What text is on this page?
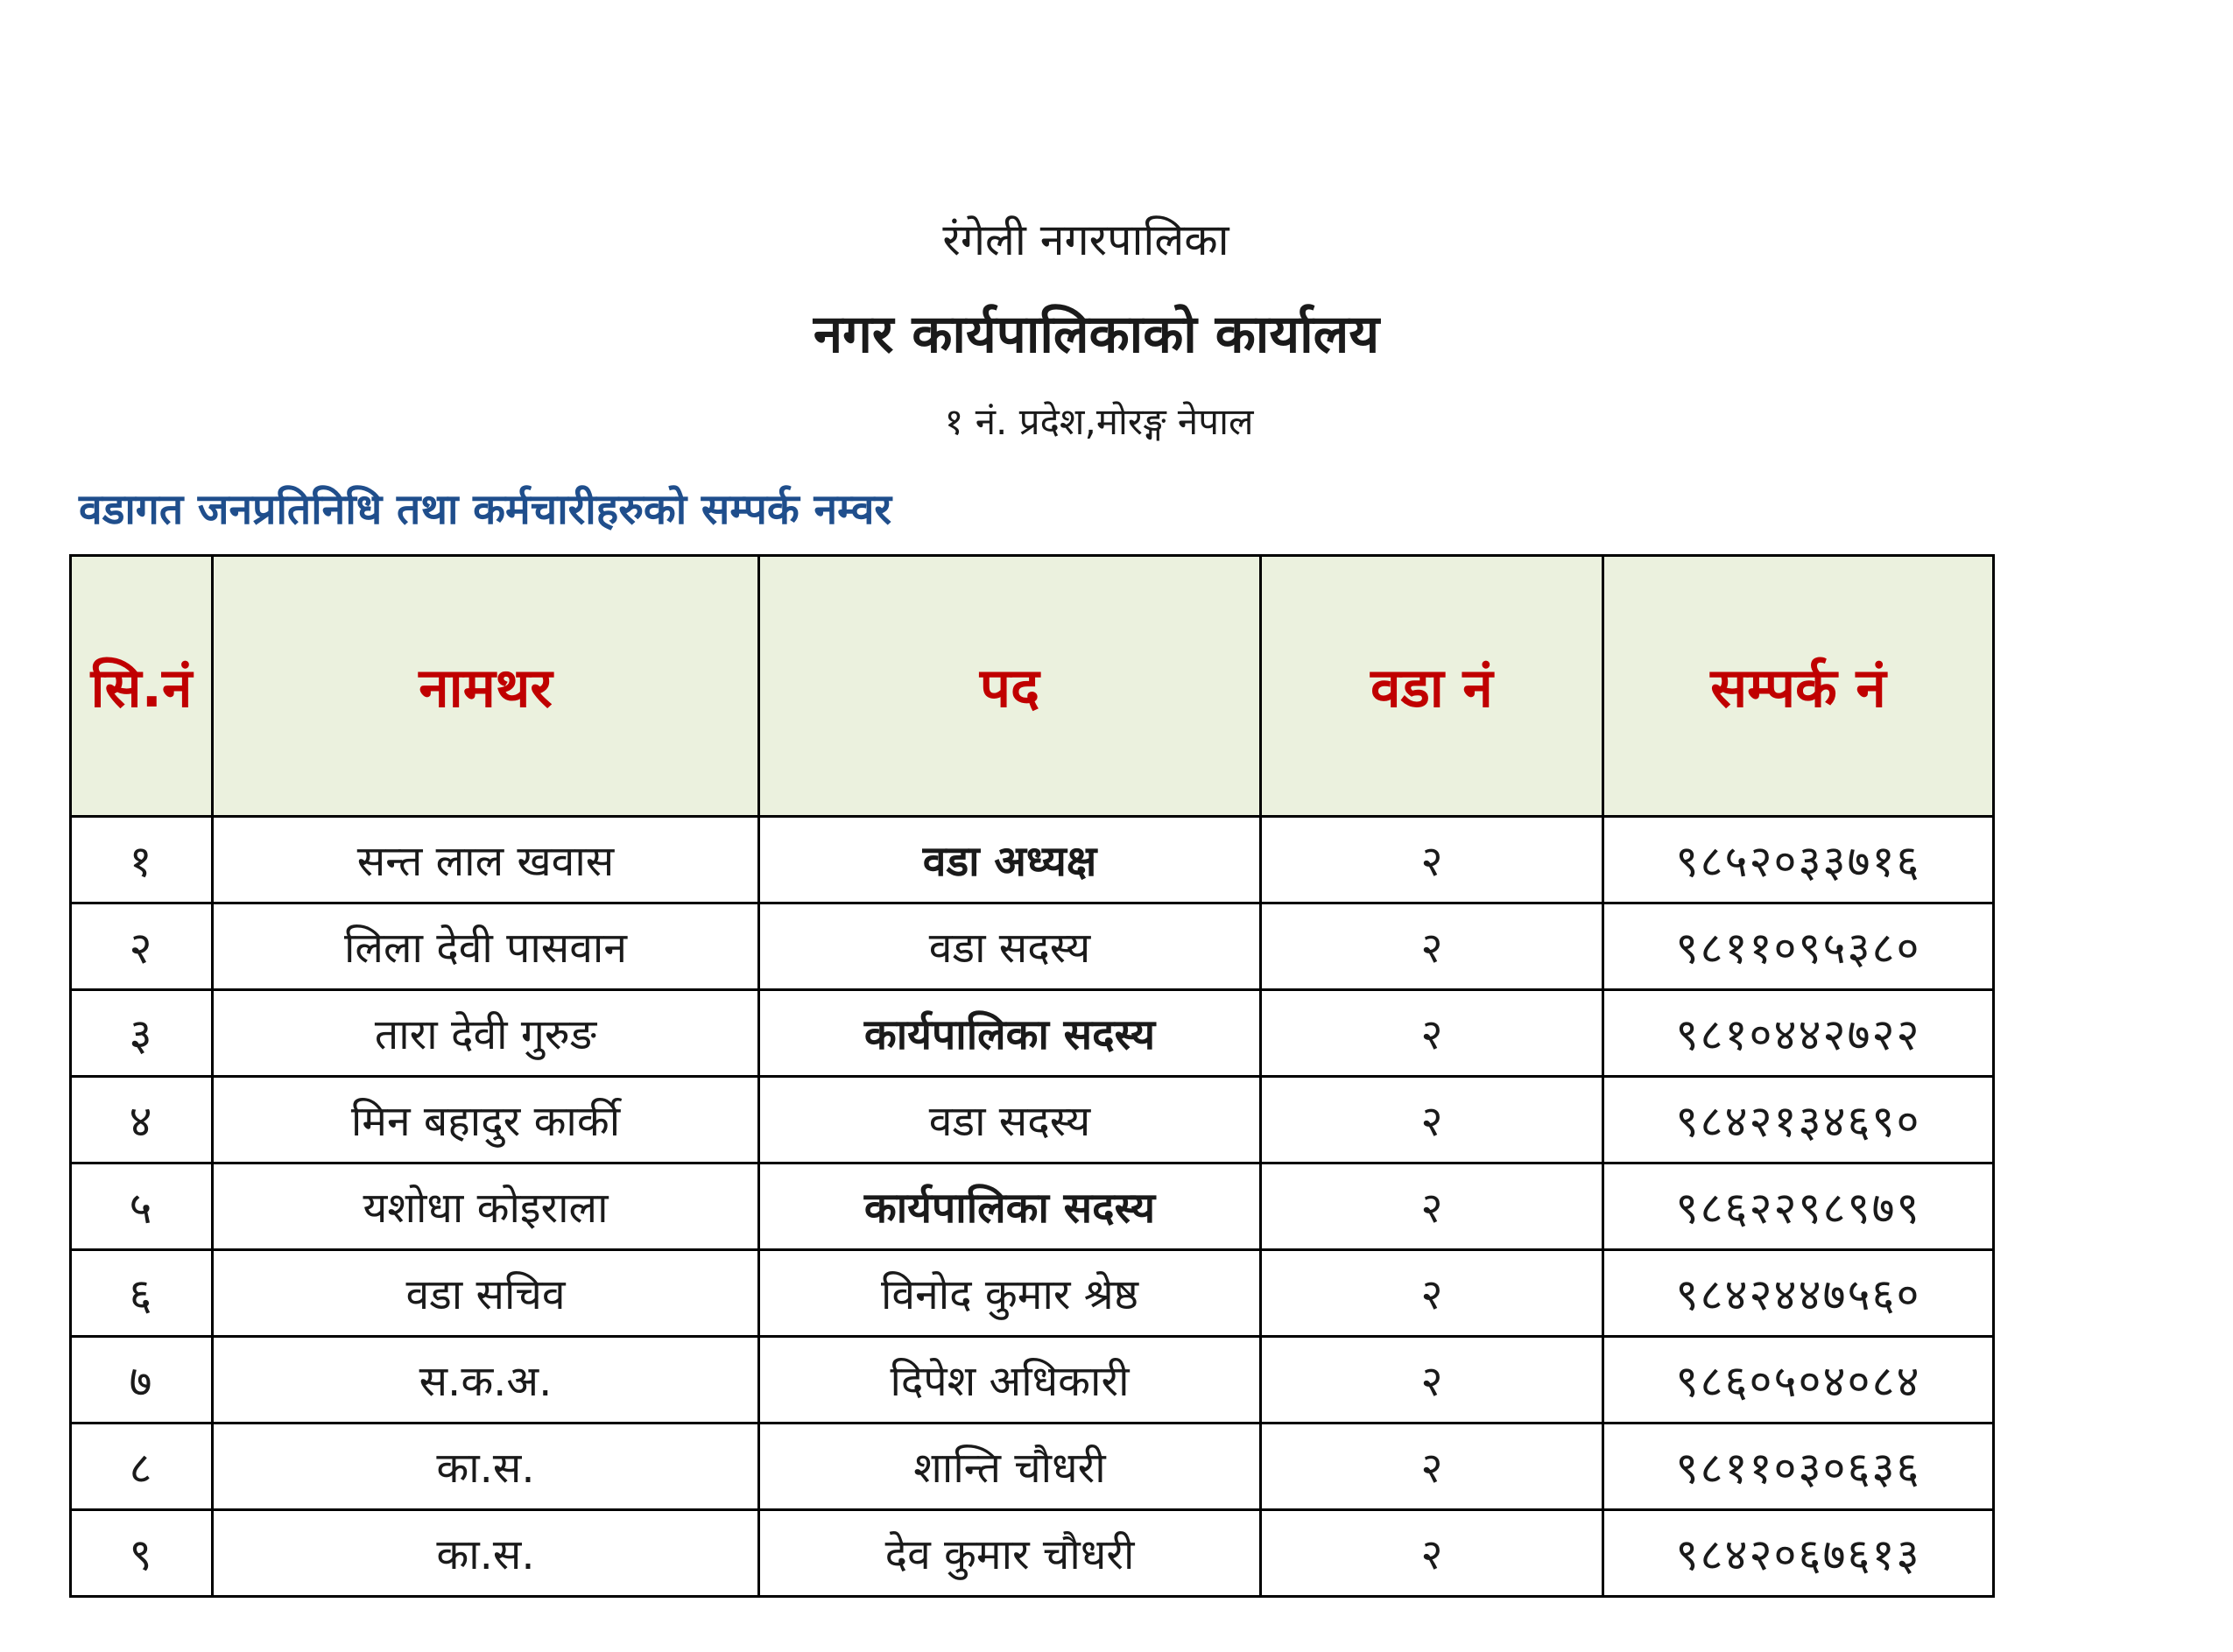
रंगेली नगरपालिका
नगर कार्यपालिकाको कार्यालय
१ नं. प्रदेश,मोरङ्ग नेपाल
वडागत जनप्रतिनिधि तथा कर्मचारीहरुको सम्पर्क नम्वर
सि.नं	नामथर	पद	वडा नं	सम्पर्क नं
१	सन्त लाल खवास	वडा अध्यक्ष	२	९८५२०३३७१६
२	लिला देवी पासवान	वडा सदस्य	२	९८११०९५३८०
३	तारा देवी गुरुङ	कार्यपालिका सदस्य	२	९८१०४४२७२२
४	मिन बहादुर कार्की	वडा सदस्य	२	९८४२१३४६९०
५	यशोधा कोइराला	कार्यपालिका सदस्य	२	९८६२२९८९७९
६	वडा सचिव	विनोद कुमार श्रेष्ठ	२	९८४२४४७५६०
७	स.क.अ.	दिपेश अधिकारी	२	९८६०५०४०८४
८	का.स.	शान्ति चौधरी	२	९८११०३०६३६
९	का.स.	देव कुमार चौधरी	२	९८४२०६७६१३
